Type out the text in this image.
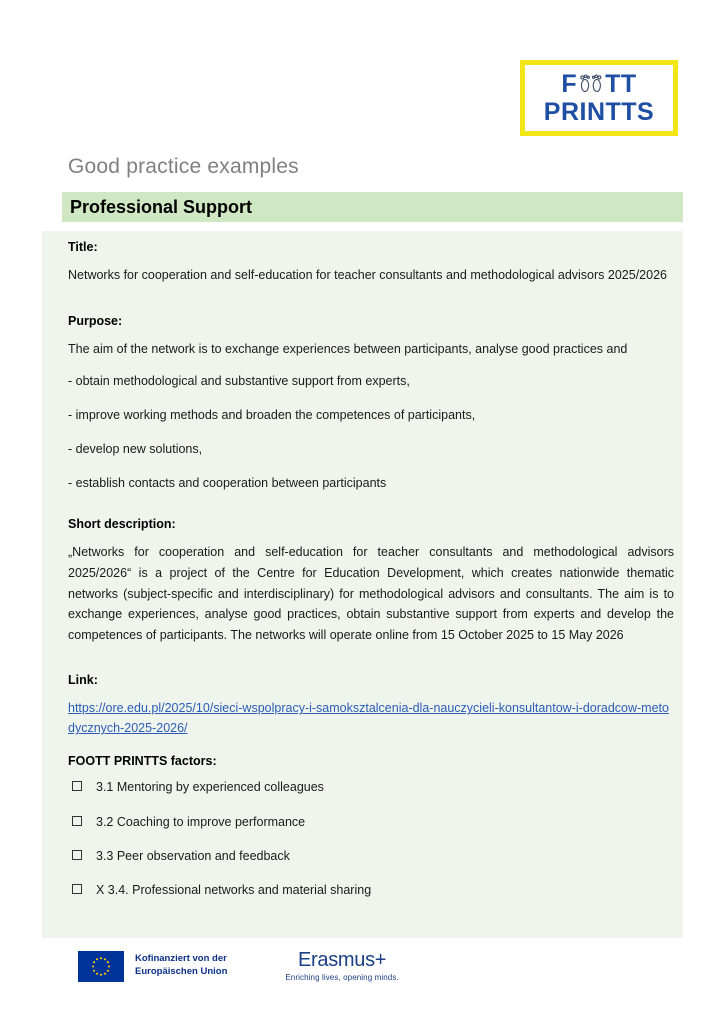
F TT
PRINTTS
Good practice examples
Professional Support
Title:
Networks for cooperation and self-education for teacher consultants and methodological advisors 2025/2026
Purpose:
The aim of the network is to exchange experiences between participants, analyse good practices and
- obtain methodological and substantive support from experts,
- improve working methods and broaden the competences of participants,
- develop new solutions,
- establish contacts and cooperation between participants
Short description:
„Networks for cooperation and self-education for teacher consultants and methodological advisors 2025/2026“ is a project of the Centre for Education Development, which creates nationwide thematic networks (subject-specific and interdisciplinary) for methodological advisors and consultants. The aim is to exchange experiences, analyse good practices, obtain substantive support from experts and develop the competences of participants. The networks will operate online from 15 October 2025 to 15 May 2026
Link:
https://ore.edu.pl/2025/10/sieci-wspolpracy-i-samoksztalcenia-dla-nauczycieli-konsultantow-i-doradcow-metodycznych-2025-2026/
FOOTT PRINTTS factors:
3.1 Mentoring by experienced colleagues
3.2 Coaching to improve performance
3.3 Peer observation and feedback
X 3.4. Professional networks and material sharing
Kofinanziert von der
Europäischen Union
Erasmus+
Enriching lives, opening minds.
